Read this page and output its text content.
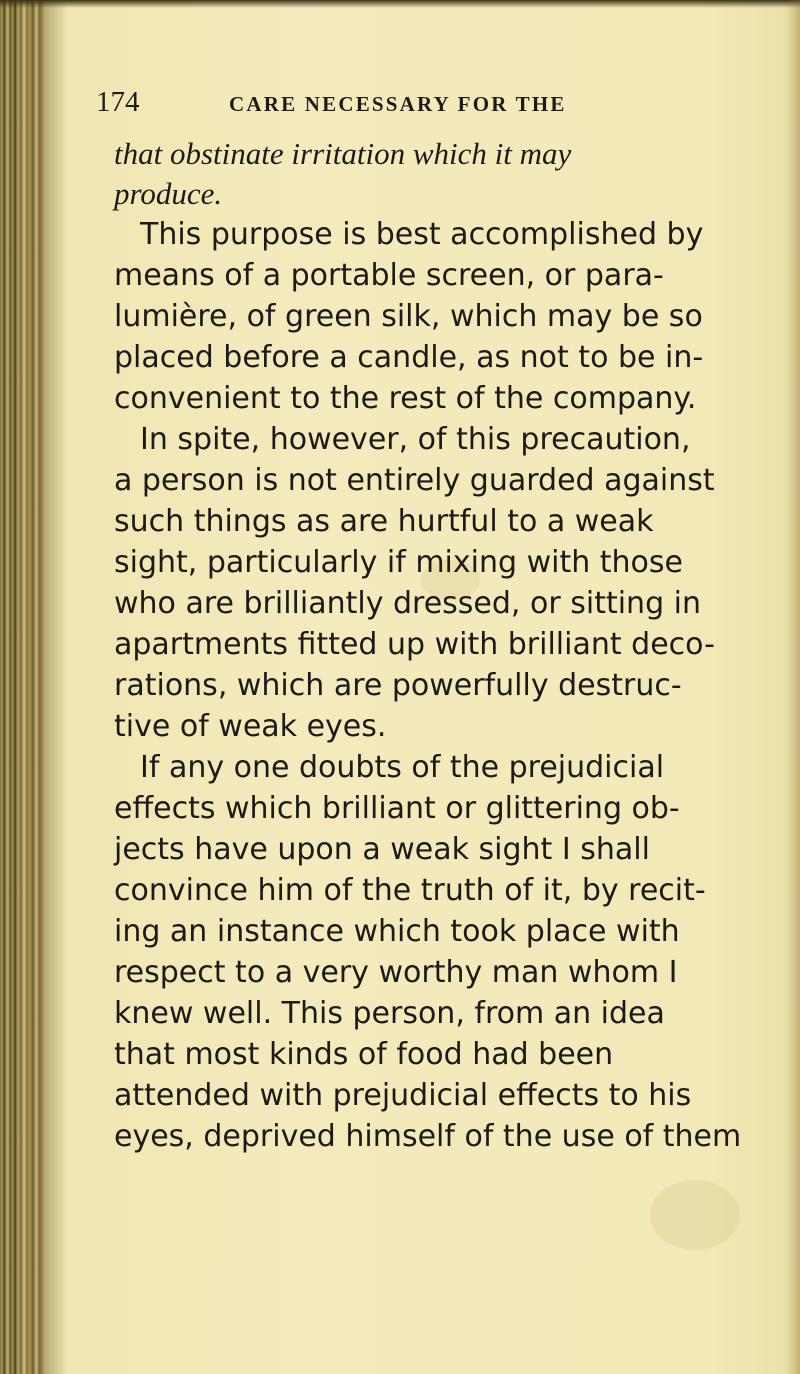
174	CARE NECESSARY FOR THE
that obstinate irritation which it may
produce.
This purpose is best accomplished by
means of a portable screen, or para-
lumière, of green silk, which may be so
placed before a candle, as not to be in-
convenient to the rest of the company.
In spite, however, of this precaution,
a person is not entirely guarded against
such things as are hurtful to a weak
sight, particularly if mixing with those
who are brilliantly dressed, or sitting in
apartments fitted up with brilliant deco-
rations, which are powerfully destruc-
tive of weak eyes.
If any one doubts of the prejudicial
effects which brilliant or glittering ob-
jects have upon a weak sight I shall
convince him of the truth of it, by recit-
ing an instance which took place with
respect to a very worthy man whom I
knew well. This person, from an idea
that most kinds of food had been
attended with prejudicial effects to his
eyes, deprived himself of the use of them
